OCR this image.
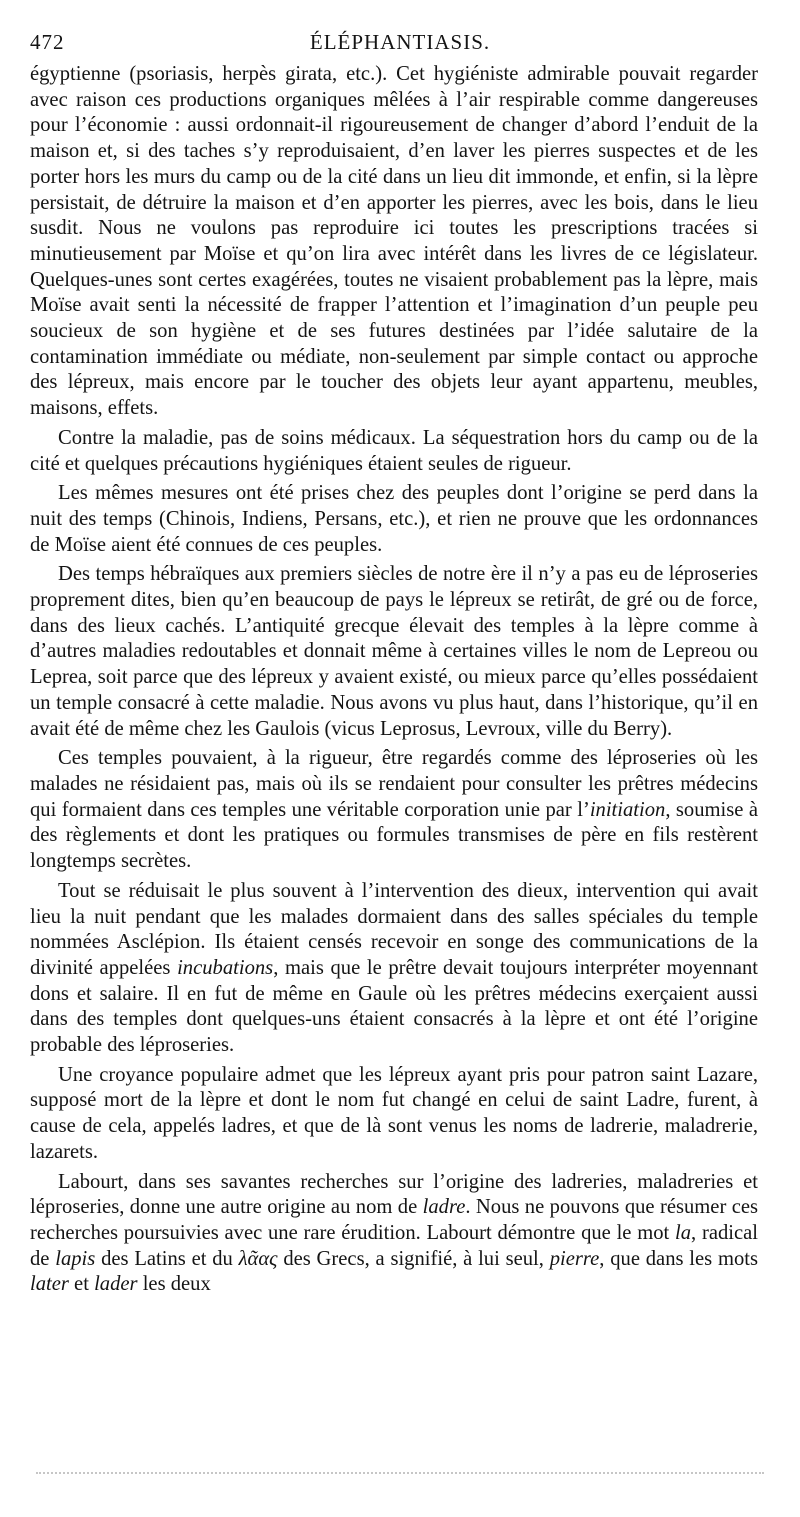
472	ÉLÉPHANTIASIS.

égyptienne (psoriasis, herpès girata, etc.). Cet hygiéniste admirable pouvait regarder avec raison ces productions organiques mêlées à l’air respirable comme dangereuses pour l’économie : aussi ordonnait-il rigoureusement de changer d’abord l’enduit de la maison et, si des taches s’y reproduisaient, d’en laver les pierres suspectes et de les porter hors les murs du camp ou de la cité dans un lieu dit immonde, et enfin, si la lèpre persistait, de détruire la maison et d’en apporter les pierres, avec les bois, dans le lieu susdit. Nous ne voulons pas reproduire ici toutes les prescriptions tracées si minutieusement par Moïse et qu’on lira avec intérêt dans les livres de ce législateur. Quelques-unes sont certes exagérées, toutes ne visaient probablement pas la lèpre, mais Moïse avait senti la nécessité de frapper l’attention et l’imagination d’un peuple peu soucieux de son hygiène et de ses futures destinées par l’idée salutaire de la contamination immédiate ou médiate, non-seulement par simple contact ou approche des lépreux, mais encore par le toucher des objets leur ayant appartenu, meubles, maisons, effets.

Contre la maladie, pas de soins médicaux. La séquestration hors du camp ou de la cité et quelques précautions hygiéniques étaient seules de rigueur.

Les mêmes mesures ont été prises chez des peuples dont l’origine se perd dans la nuit des temps (Chinois, Indiens, Persans, etc.), et rien ne prouve que les ordonnances de Moïse aient été connues de ces peuples.

Des temps hébraïques aux premiers siècles de notre ère il n’y a pas eu de léproseries proprement dites, bien qu’en beaucoup de pays le lépreux se retirât, de gré ou de force, dans des lieux cachés. L’antiquité grecque élevait des temples à la lèpre comme à d’autres maladies redoutables et donnait même à certaines villes le nom de Lepreou ou Leprea, soit parce que des lépreux y avaient existé, ou mieux parce qu’elles possédaient un temple consacré à cette maladie. Nous avons vu plus haut, dans l’historique, qu’il en avait été de même chez les Gaulois (vicus Leprosus, Levroux, ville du Berry).

Ces temples pouvaient, à la rigueur, être regardés comme des léproseries où les malades ne résidaient pas, mais où ils se rendaient pour consulter les prêtres médecins qui formaient dans ces temples une véritable corporation unie par l’initiation, soumise à des règlements et dont les pratiques ou formules transmises de père en fils restèrent longtemps secrètes.

Tout se réduisait le plus souvent à l’intervention des dieux, intervention qui avait lieu la nuit pendant que les malades dormaient dans des salles spéciales du temple nommées Asclépion. Ils étaient censés recevoir en songe des communications de la divinité appelées incubations, mais que le prêtre devait toujours interpréter moyennant dons et salaire. Il en fut de même en Gaule où les prêtres médecins exerçaient aussi dans des temples dont quelques-uns étaient consacrés à la lèpre et ont été l’origine probable des léproseries.

Une croyance populaire admet que les lépreux ayant pris pour patron saint Lazare, supposé mort de la lèpre et dont le nom fut changé en celui de saint Ladre, furent, à cause de cela, appelés ladres, et que de là sont venus les noms de ladrerie, maladrerie, lazarets.

Labourt, dans ses savantes recherches sur l’origine des ladreries, maladreries et léproseries, donne une autre origine au nom de ladre. Nous ne pouvons que résumer ces recherches poursuivies avec une rare érudition. Labourt démontre que le mot la, radical de lapis des Latins et du λᾶας des Grecs, a signifié, à lui seul, pierre, que dans les mots later et lader les deux
